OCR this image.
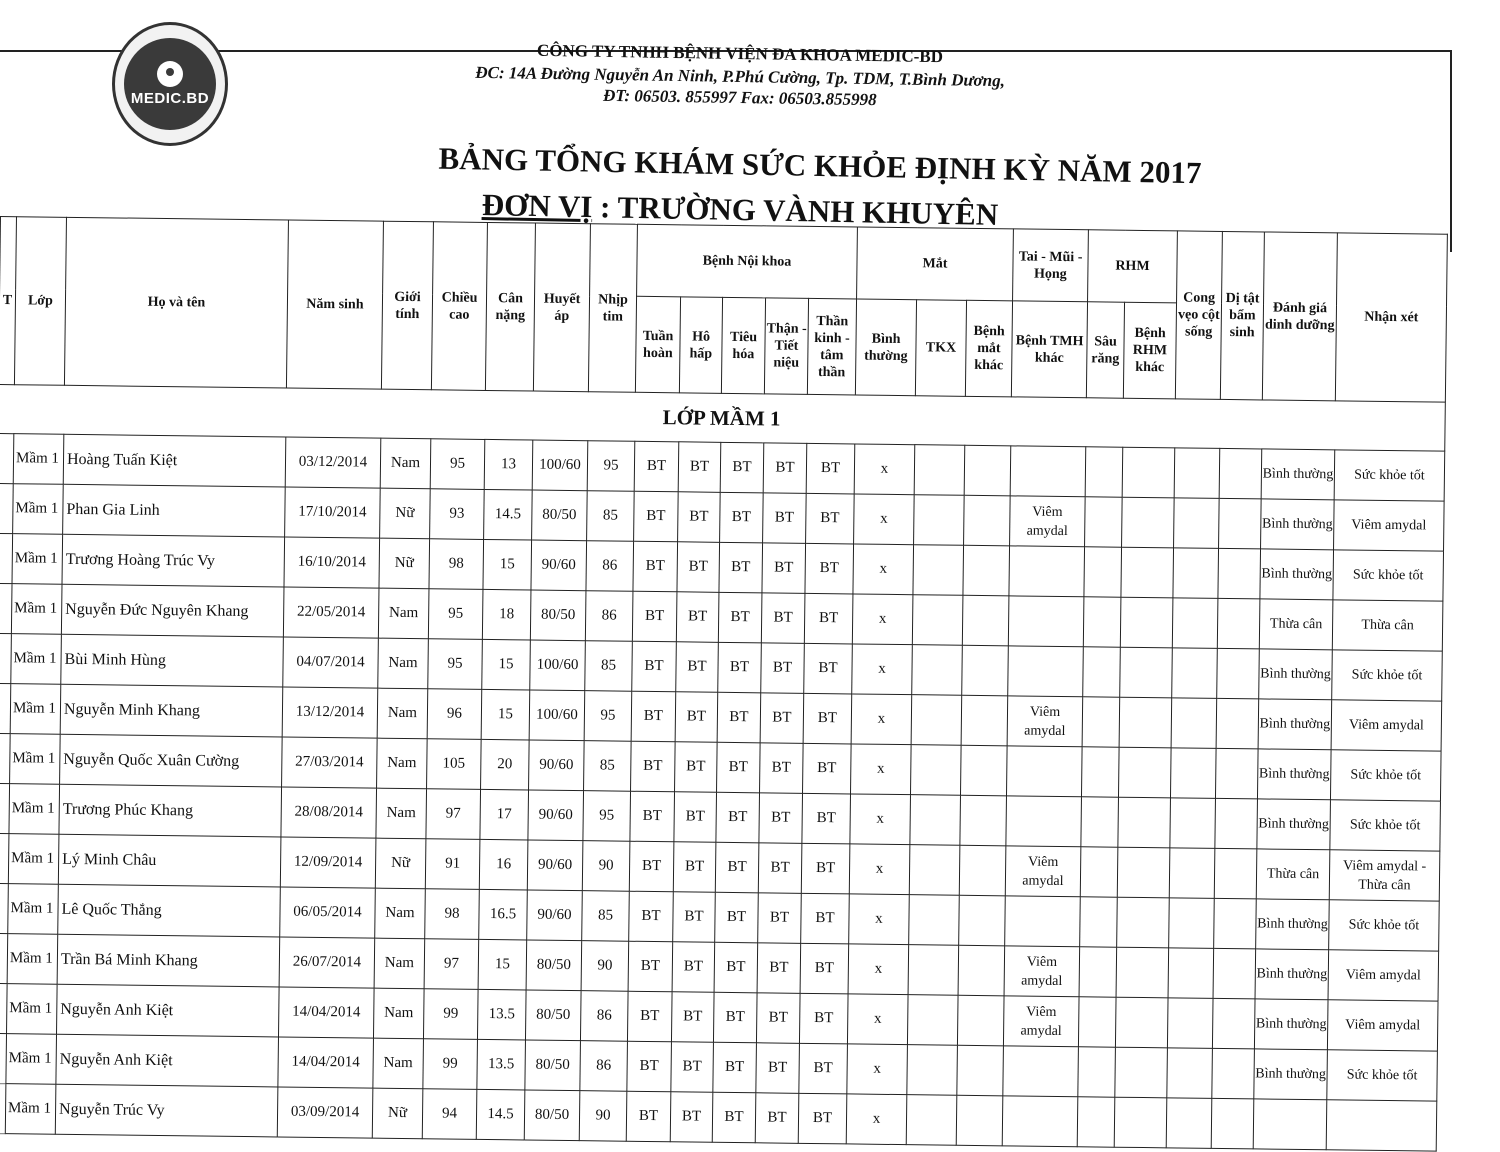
MEDIC.BD
CÔNG TY TNHH BỆNH VIỆN ĐA KHOA MEDIC-BD
ĐC: 14A Đường Nguyễn An Ninh, P.Phú Cường, Tp. TDM, T.Bình Dương,
ĐT: 06503. 855997 Fax: 06503.855998
BẢNG TỔNG KHÁM SỨC KHỎE ĐỊNH KỲ NĂM 2017
ĐƠN VỊ : TRƯỜNG VÀNH KHUYÊN
T	Lớp	Họ và tên	Năm sinh	Giới tính	Chiều cao	Cân nặng	Huyết áp	Nhịp tim	Bệnh Nội khoa					Mắt			Tai - Mũi - Họng	RHM		Cong vẹo cột sống	Dị tật bẩm sinh	Đánh giá dinh dưỡng	Nhận xét
									Tuần hoàn	Hô hấp	Tiêu hóa	Thận - Tiết niệu	Thần kinh - tâm thần	Bình thường	TKX	Bệnh mắt khác	Bệnh TMH khác	Sâu răng	Bệnh RHM khác				
LỚP MẦM 1																							
	Mầm 1	Hoàng Tuấn Kiệt	03/12/2014	Nam	95	13	100/60	95	BT	BT	BT	BT	BT	x								Bình thường	Sức khỏe tốt
	Mầm 1	Phan Gia Linh	17/10/2014	Nữ	93	14.5	80/50	85	BT	BT	BT	BT	BT	x			Viêm amydal					Bình thường	Viêm amydal
	Mầm 1	Trương Hoàng Trúc Vy	16/10/2014	Nữ	98	15	90/60	86	BT	BT	BT	BT	BT	x								Bình thường	Sức khỏe tốt
	Mầm 1	Nguyễn Đức Nguyên Khang	22/05/2014	Nam	95	18	80/50	86	BT	BT	BT	BT	BT	x								Thừa cân	Thừa cân
	Mầm 1	Bùi Minh Hùng	04/07/2014	Nam	95	15	100/60	85	BT	BT	BT	BT	BT	x								Bình thường	Sức khỏe tốt
	Mầm 1	Nguyễn Minh Khang	13/12/2014	Nam	96	15	100/60	95	BT	BT	BT	BT	BT	x			Viêm amydal					Bình thường	Viêm amydal
	Mầm 1	Nguyễn Quốc Xuân Cường	27/03/2014	Nam	105	20	90/60	85	BT	BT	BT	BT	BT	x								Bình thường	Sức khỏe tốt
	Mầm 1	Trương Phúc Khang	28/08/2014	Nam	97	17	90/60	95	BT	BT	BT	BT	BT	x								Bình thường	Sức khỏe tốt
	Mầm 1	Lý Minh Châu	12/09/2014	Nữ	91	16	90/60	90	BT	BT	BT	BT	BT	x			Viêm amydal					Thừa cân	Viêm amydal - Thừa cân
	Mầm 1	Lê Quốc Thắng	06/05/2014	Nam	98	16.5	90/60	85	BT	BT	BT	BT	BT	x								Bình thường	Sức khỏe tốt
	Mầm 1	Trần Bá Minh Khang	26/07/2014	Nam	97	15	80/50	90	BT	BT	BT	BT	BT	x			Viêm amydal					Bình thường	Viêm amydal
	Mầm 1	Nguyễn Anh Kiệt	14/04/2014	Nam	99	13.5	80/50	86	BT	BT	BT	BT	BT	x			Viêm amydal					Bình thường	Viêm amydal
	Mầm 1	Nguyễn Anh Kiệt	14/04/2014	Nam	99	13.5	80/50	86	BT	BT	BT	BT	BT	x								Bình thường	Sức khỏe tốt
	Mầm 1	Nguyễn Trúc Vy	03/09/2014	Nữ	94	14.5	80/50	90	BT	BT	BT	BT	BT	x									
